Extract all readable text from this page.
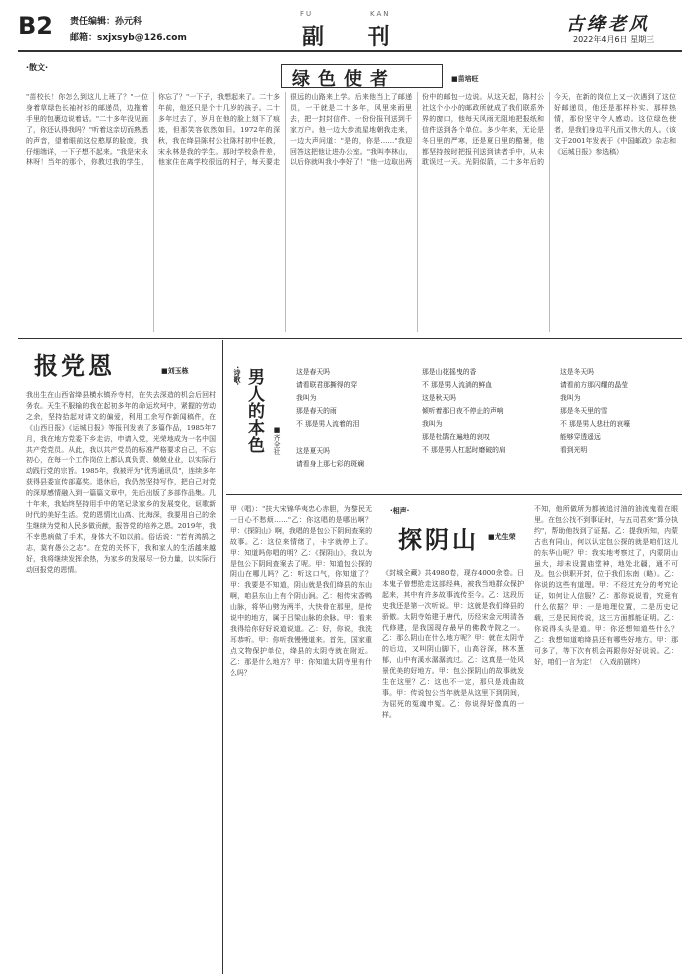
B2 责任编辑：孙元科
邮箱：sxjxsyb@126.com
FU	KAN
副 刊	古绛老风
2022年4月6日 星期三
·散文·
绿色使者	■苗培旺
"苗校长！你怎么到这儿上班了？"一位身着草绿色长袖衬衫的邮递员，边拖着手里的包裹边说着话。"二十多年没见面了，你还认得我吗？"听着这亲切而熟悉的声音，望着眼前这位憨厚的脸庞，我仔细端详，一下子想不起来。"我是宋永林呀！当年的那个，你教过我的学生，你忘了？"一下子，我想起来了。二十多年前，他还只是个十几岁的孩子。二十多年过去了，岁月在他的脸上刻下了痕迹，但那笑容依然如旧。1972年的深秋，我在绛县陈村公社陈村初中任教，宋永林是我的学生。那时学校条件差，他家住在离学校很远的村子，每天要走很远的山路来上学。后来他当上了邮递员，一干就是二十多年，风里来雨里去，把一封封信件、一份份报刊送到千家万户。他一边大步流星地朝我走来，一边大声问道："是的，你是……"我迎回答这把他让进办公室。"我叫李林山，以后你就叫我小李好了！"他一边取出两份中的邮包一边说。从这天起，陈村公社这个小小的邮政所就成了我们联系外界的窗口，他每天风雨无阻地把报纸和信件送到各个单位。多少年来，无论是冬日里的严寒，还是夏日里的酷暑，他都坚持按时把报刊送到读者手中，从未耽误过一天。光阴似箭，二十多年后的今天，在新的岗位上又一次遇到了这位好邮递员，他还是那样朴实、那样热情，那份坚守令人感动。这位绿色使者，是我们身边平凡而又伟大的人。（该文于2001年发表于《中国邮政》杂志和《运城日报》参选稿）
报党恩	■刘玉栋
我出生在山西省绛县横水镇乔寺村，在失去深造的机会后回村务农。天生不服输的我在起初多年的命运坎坷中，紧握的劳动之余，坚持拾起对讲文的偏爱，利用工余写作新闻稿件，在《山西日报》《运城日报》等报刊发表了多篇作品，1985年7月，我在地方党委下乡走访，申请入党，光荣地成为一名中国共产党党员。从此，我以共产党员的标准严格要求自己，不忘初心，在每一个工作岗位上都认真负责、兢兢业业，以实际行动践行党的宗旨。1985年，我被评为"优秀通讯员"，连续多年获得县委宣传部嘉奖。退休后，我仍然坚持写作，把自己对党的深厚感情融入到一篇篇文章中，先后出版了多部作品集。几十年来，我始终坚持用手中的笔记录家乡的发展变化，讴歌新时代的美好生活。党的恩情比山高、比海深，我要用自己的余生继续为党和人民多做贡献，报答党的培养之恩。2019年，我不幸患病做了手术，身体大不如以前。俗话说："若有鸿鹄之志，莫有愚公之志"。在党的关怀下，我和家人的生活越来越好，我将继续发挥余热，为家乡的发展尽一份力量，以实际行动回报党的恩情。
·诗歌· 男人的本色 ■齐全社
这是春天吗
请看联君那撕得的穿
我叫为
那是春天的雨
不 那是男人流着的泪
这是夏天吗
请看身上那七彩的斑斓
那是山花摇曳的香
不 那是男人流淌的鲜血
这是秋天吗
倾听着那日夜不停止的声响
我叫为
那是杜鹃在遍地的哀叹
不 那是男人杠起时磨破的肩
这是冬天吗
请看前方那闪耀的晶莹
我叫为
那是冬天里的雪
不 那是男人悲壮的哀嚎
能够穿透遥远
看到光明
甲（唱）："扶大宋锦华夷忠心赤胆，为黎民无一日心不愁烦……"乙：你这唱的是哪出啊？甲：《探阴山》啊，我唱的是包公下阴间查案的故事。乙：这位来情绪了，卡字就停上了。甲：知道吗你唱的明？乙：《探阴山》，我以为是包公下阴间查案去了呢。甲：知道包公探的阴山在哪儿吗？乙：听这口气，你知道了？甲：我要是不知道，阴山就是我们绛县的东山啊，咱县东山上有个阴山涧。乙：相传宋香鸭山脉，将华山劈为两半，大快骨在那里，是传说中的地方，属于吕梁山脉的余脉。甲：看来我得给你好好说道说道。乙：好，你说，我洗耳恭听。甲：你听我慢慢道来。首先，国家重点文物保护单位，绛县的太阴寺就在附近。乙：那是什么地方？甲：你知道太阴寺里有什么吗？
·相声·
探阴山 ■尤生荣
《封城全藏》共4980卷，现存4000余卷。日本鬼子曾想抢走这部经典，被我当地群众保护起来，其中有许多故事流传至今。乙：这段历史我还是第一次听说。甲：这就是我们绛县的骄傲。太阴寺始建于唐代，历经宋金元明清各代修建，是我国现存最早的佛教寺院之一。乙：那么阴山在什么地方呢？甲：就在太阴寺的后边，又叫阴山脚下，山高谷深，林木葱郁，山中有溪水潺潺流过。乙：这真是一处风景优美的好地方。甲：包公探阴山的故事就发生在这里？乙：这也不一定，那只是戏曲故事。甲：传说包公当年就是从这里下到阴间，为屈死的冤魂申冤。乙：你说得好像真的一样。
不知，他所做所为都被追讨油的油流鬼看在眼里。在包公找不到事证时，与五司君来"算分执约"，帮助他找到了证据。乙：提我听知，内蒙古也有同山，何以认定包公探的就是咱们这儿的东华山呢？甲：我实地考察过了，内蒙阴山虽大，却未设置庙堂神，地处北疆，通不可及。包公供职开封，位于我们东南（略）。乙：你说的这些有道理。甲：不经过充分的考究论证，如何让人信服？乙：那你说说看，究竟有什么依据？甲：一是地理位置，二是历史记载，三是民间传说，这三方面都能证明。乙：你说得头头是道。甲：你还想知道些什么？乙：我想知道咱绛县还有哪些好地方。甲：那可多了，等下次有机会再跟你好好说说。乙：好，咱们一言为定！（入戏前剧终）
